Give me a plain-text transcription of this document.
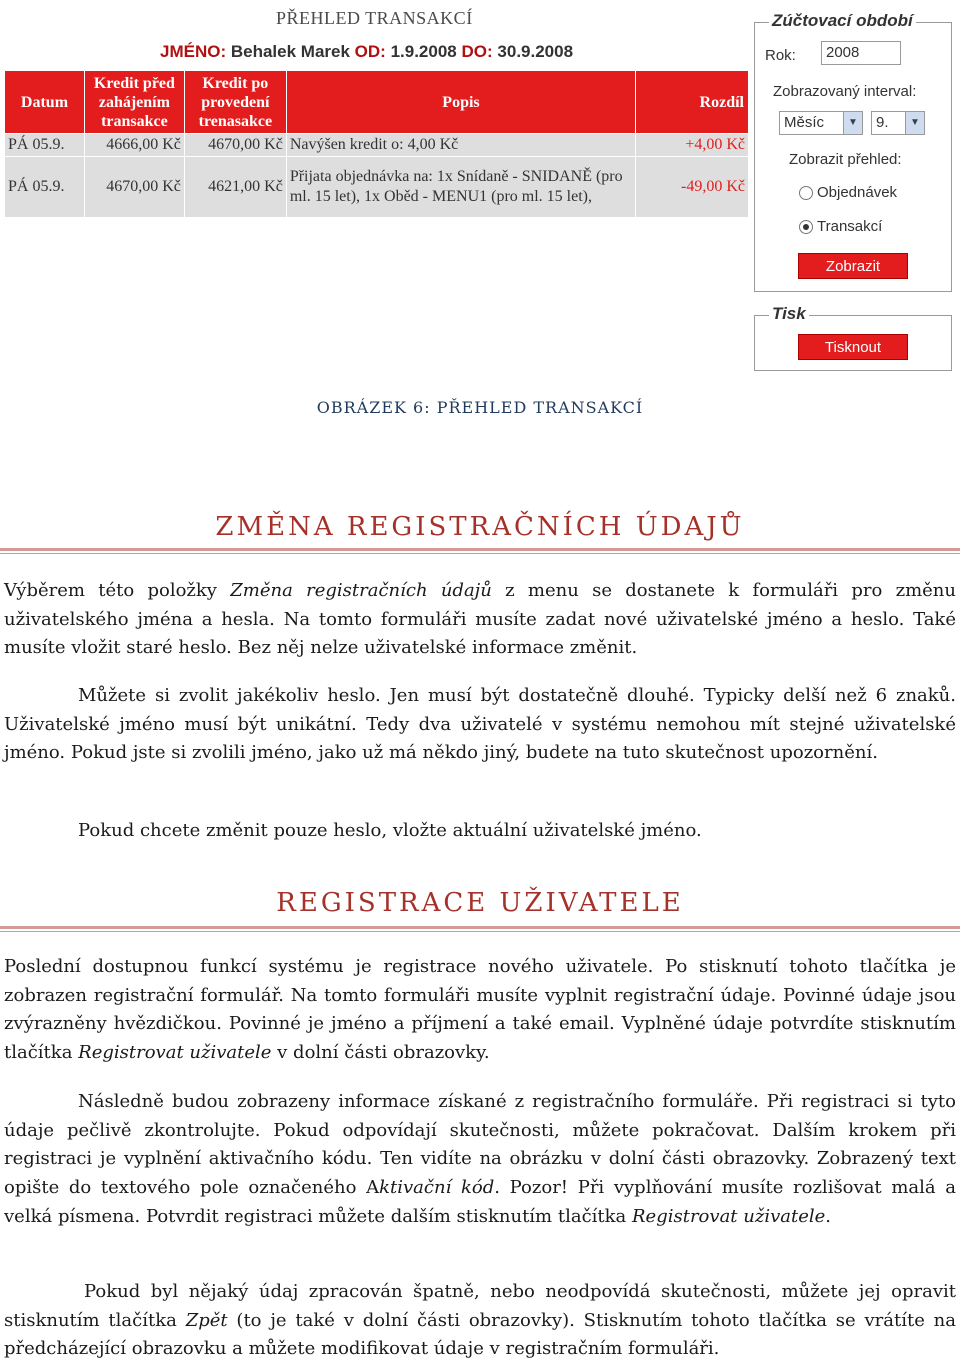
PŘEHLED TRANSAKCÍ
JMÉNO: Behalek Marek OD: 1.9.2008 DO: 30.9.2008
Datum	Kredit před zahájením transakce	Kredit po provedení trenasakce	Popis	Rozdíl
PÁ 05.9.	4666,00 Kč	4670,00 Kč	Navýšen kredit o: 4,00 Kč	+4,00 Kč
PÁ 05.9.	4670,00 Kč	4621,00 Kč	Přijata objednávka na: 1x Snídaně - SNIDANĚ (pro ml. 15 let), 1x Oběd - MENU1 (pro ml. 15 let),	-49,00 Kč
Zúčtovací období
Rok:	2008
Zobrazovaný interval:
Měsíc	▼	9.	▼
Zobrazit přehled:
Objednávek
Transakcí
Zobrazit
Tisk
Tisknout
OBRÁZEK 6: PŘEHLED TRANSAKCÍ
ZMĚNA REGISTRAČNÍCH ÚDAJŮ
Výběrem této položky Změna registračních údajů z menu se dostanete k formuláři pro změnu uživatelského jména a hesla. Na tomto formuláři musíte zadat nové uživatelské jméno a heslo. Také musíte vložit staré heslo. Bez něj nelze uživatelské informace změnit.
Můžete si zvolit jakékoliv heslo. Jen musí být dostatečně dlouhé. Typicky delší než 6 znaků. Uživatelské jméno musí být unikátní. Tedy dva uživatelé v systému nemohou mít stejné uživatelské jméno. Pokud jste si zvolili jméno, jako už má někdo jiný, budete na tuto skutečnost upozornění.
Pokud chcete změnit pouze heslo, vložte aktuální uživatelské jméno.
REGISTRACE UŽIVATELE
Poslední dostupnou funkcí systému je registrace nového uživatele. Po stisknutí tohoto tlačítka je zobrazen registrační formulář. Na tomto formuláři musíte vyplnit registrační údaje. Povinné údaje jsou zvýrazněny hvězdičkou. Povinné je jméno a příjmení a také email. Vyplněné údaje potvrdíte stisknutím tlačítka Registrovat uživatele v dolní části obrazovky.
Následně budou zobrazeny informace získané z registračního formuláře. Při registraci si tyto údaje pečlivě zkontrolujte. Pokud odpovídají skutečnosti, můžete pokračovat. Dalším krokem při registraci je vyplnění aktivačního kódu. Ten vidíte na obrázku v dolní části obrazovky. Zobrazený text opište do textového pole označeného Aktivační kód. Pozor! Při vyplňování musíte rozlišovat malá a velká písmena. Potvrdit registraci můžete dalším stisknutím tlačítka Registrovat uživatele.
Pokud byl nějaký údaj zpracován špatně, nebo neodpovídá skutečnosti, můžete jej opravit stisknutím tlačítka Zpět (to je také v dolní části obrazovky). Stisknutím tohoto tlačítka se vrátíte na předcházející obrazovku a můžete modifikovat údaje v registračním formuláři.
